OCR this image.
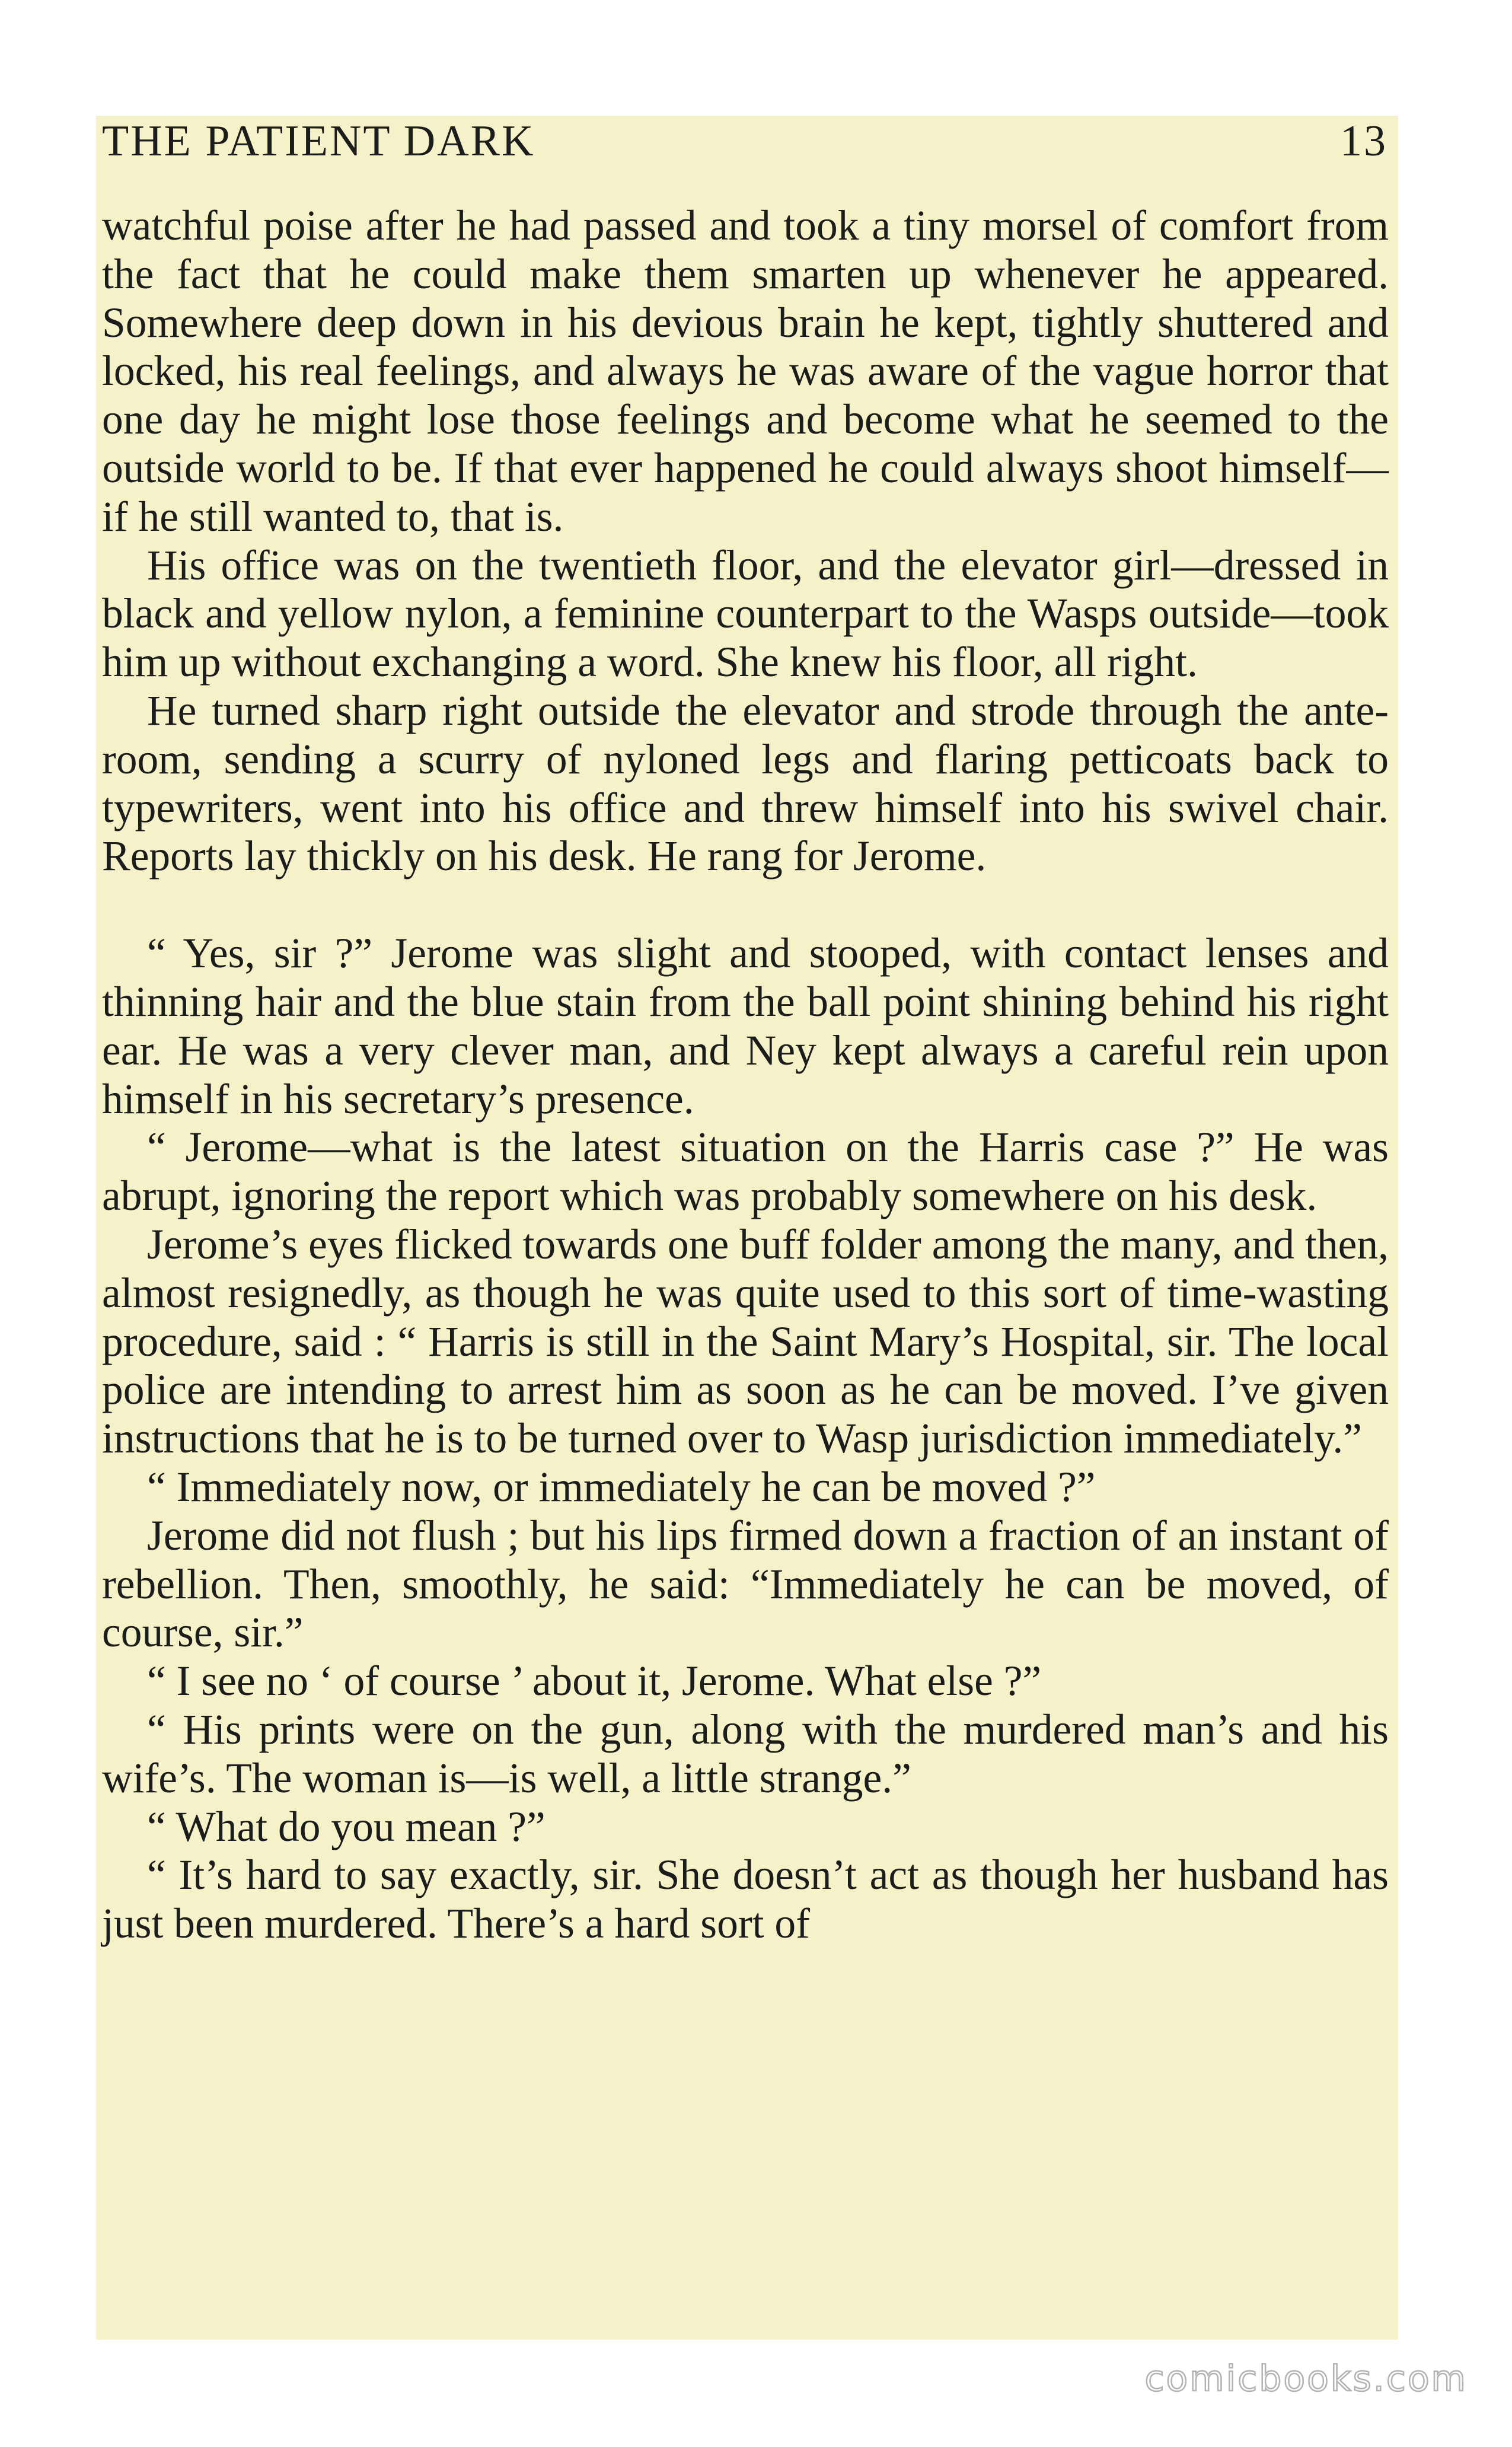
THE PATIENT DARK	13

watchful poise after he had passed and took a tiny morsel of comfort from the fact that he could make them smarten up whenever he appeared. Somewhere deep down in his devious brain he kept, tightly shuttered and locked, his real feelings, and always he was aware of the vague horror that one day he might lose those feelings and become what he seemed to the outside world to be. If that ever happened he could always shoot himself—if he still wanted to, that is.

His office was on the twentieth floor, and the elevator girl—dressed in black and yellow nylon, a feminine counterpart to the Wasps outside—took him up without exchanging a word. She knew his floor, all right.

He turned sharp right outside the elevator and strode through the ante-room, sending a scurry of nyloned legs and flaring petticoats back to typewriters, went into his office and threw himself into his swivel chair. Reports lay thickly on his desk. He rang for Jerome.

“ Yes, sir ?” Jerome was slight and stooped, with contact lenses and thinning hair and the blue stain from the ball point shining behind his right ear. He was a very clever man, and Ney kept always a careful rein upon himself in his secretary’s presence.

“ Jerome—what is the latest situation on the Harris case ?” He was abrupt, ignoring the report which was probably somewhere on his desk.

Jerome’s eyes flicked towards one buff folder among the many, and then, almost resignedly, as though he was quite used to this sort of time-wasting procedure, said : “ Harris is still in the Saint Mary’s Hospital, sir. The local police are intending to arrest him as soon as he can be moved. I’ve given instructions that he is to be turned over to Wasp jurisdiction immediately.”

“ Immediately now, or immediately he can be moved ?”

Jerome did not flush ; but his lips firmed down a fraction of an instant of rebellion. Then, smoothly, he said: “Immediately he can be moved, of course, sir.”

“ I see no ‘ of course ’ about it, Jerome. What else ?”

“ His prints were on the gun, along with the murdered man’s and his wife’s. The woman is—is well, a little strange.”

“ What do you mean ?”

“ It’s hard to say exactly, sir. She doesn’t act as though her husband has just been murdered. There’s a hard sort of

comicbooks.com
